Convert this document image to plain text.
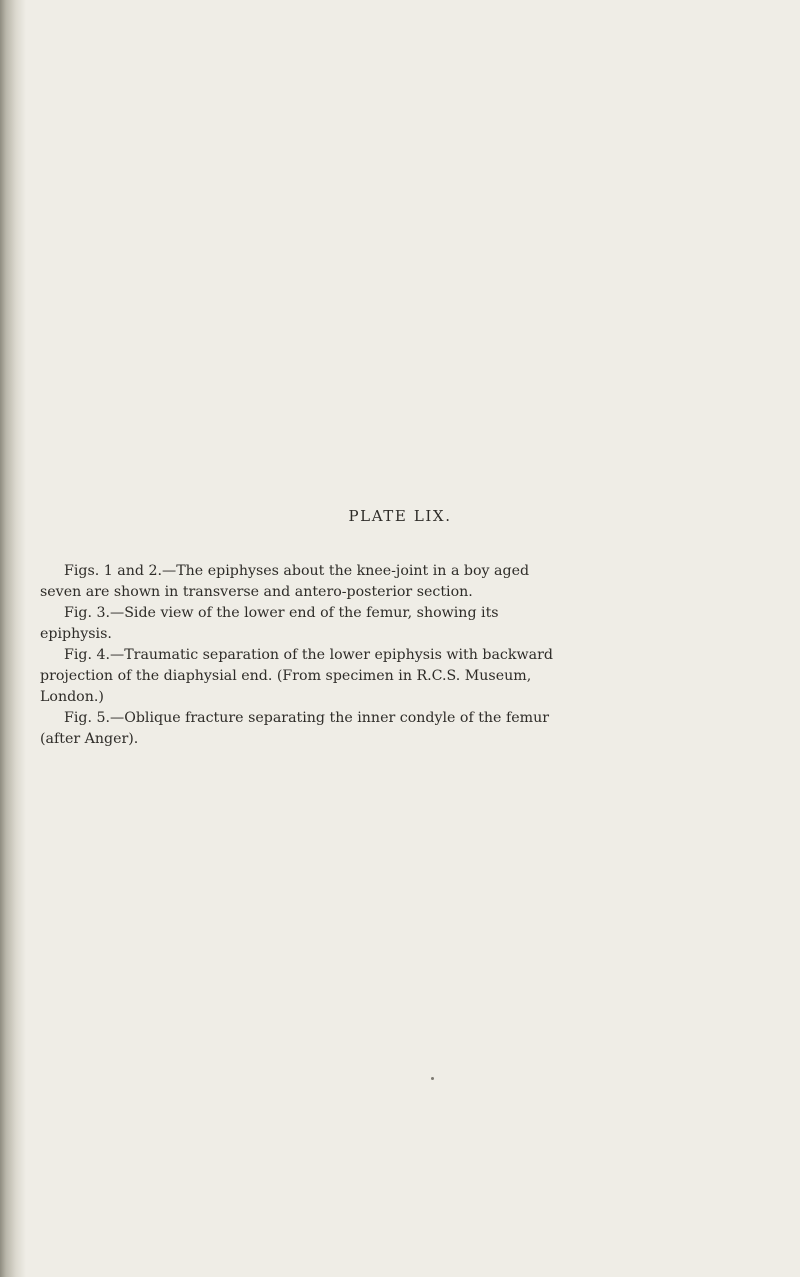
PLATE LIX.
Figs. 1 and 2.—The epiphyses about the knee-joint in a boy aged
seven are shown in transverse and antero-posterior section.
Fig. 3.—Side view of the lower end of the femur, showing its
epiphysis.
Fig. 4.—Traumatic separation of the lower epiphysis with backward
projection of the diaphysial end. (From specimen in R.C.S. Museum,
London.)
Fig. 5.—Oblique fracture separating the inner condyle of the femur
(after Anger).
